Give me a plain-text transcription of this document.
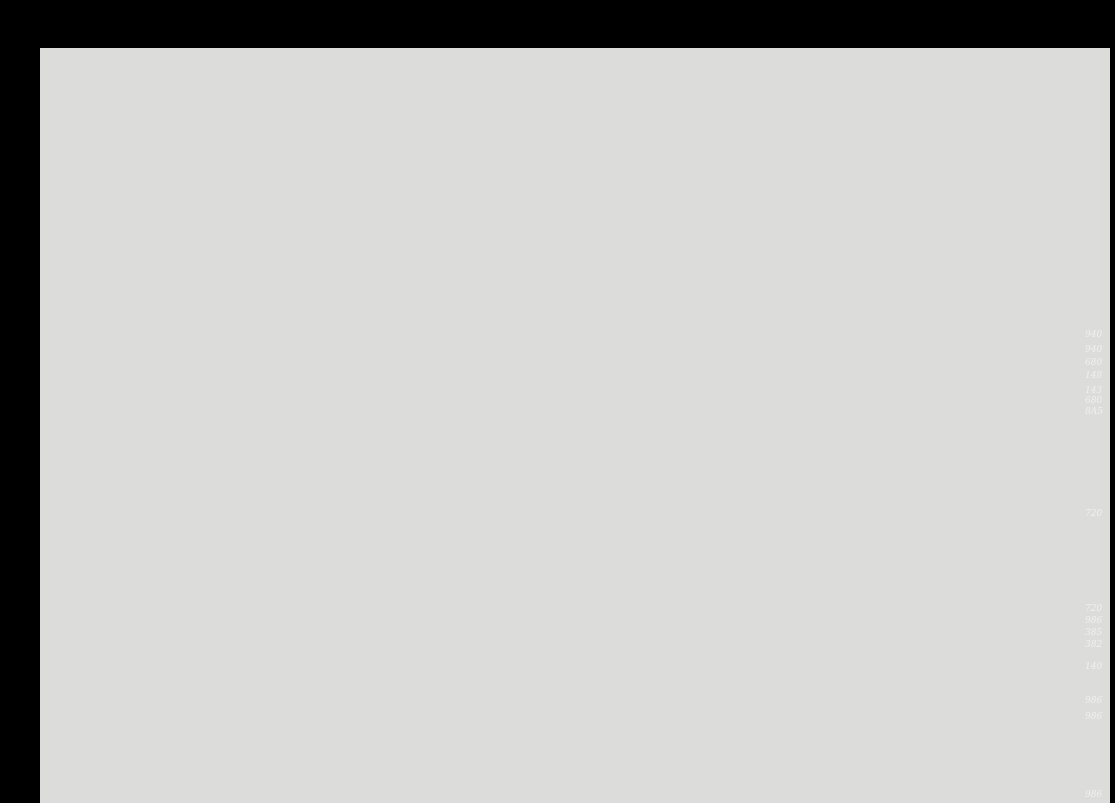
940
940
680
148
143
680
8A5
720
720
986
385
382
140
986
986
986
